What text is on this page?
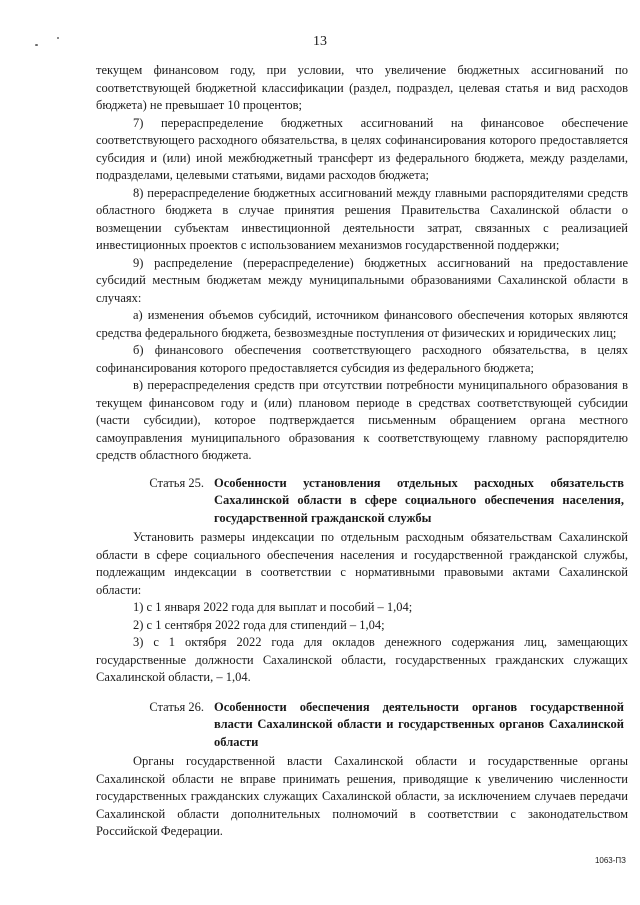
13

текущем финансовом году, при условии, что увеличение бюджетных ассигнований по соответствующей бюджетной классификации (раздел, подраздел, целевая статья и вид расходов бюджета) не превышает 10 процентов;

7) перераспределение бюджетных ассигнований на финансовое обеспечение соответствующего расходного обязательства, в целях софинансирования которого предоставляется субсидия и (или) иной межбюджетный трансферт из федерального бюджета, между разделами, подразделами, целевыми статьями, видами расходов бюджета;

8) перераспределение бюджетных ассигнований между главными распорядителями средств областного бюджета в случае принятия решения Правительства Сахалинской области о возмещении субъектам инвестиционной деятельности затрат, связанных с реализацией инвестиционных проектов с использованием механизмов государственной поддержки;

9) распределение (перераспределение) бюджетных ассигнований на предоставление субсидий местным бюджетам между муниципальными образованиями Сахалинской области в случаях:

а) изменения объемов субсидий, источником финансового обеспечения которых являются средства федерального бюджета, безвозмездные поступления от физических и юридических лиц;

б) финансового обеспечения соответствующего расходного обязательства, в целях софинансирования которого предоставляется субсидия из федерального бюджета;

в) перераспределения средств при отсутствии потребности муниципального образования в текущем финансовом году и (или) плановом периоде в средствах соответствующей субсидии (части субсидии), которое подтверждается письменным обращением органа местного самоуправления муниципального образования к соответствующему главному распорядителю средств областного бюджета.

Статья 25. Особенности установления отдельных расходных обязательств Сахалинской области в сфере социального обеспечения населения, государственной гражданской службы

Установить размеры индексации по отдельным расходным обязательствам Сахалинской области в сфере социального обеспечения населения и государственной гражданской службы, подлежащим индексации в соответствии с нормативными правовыми актами Сахалинской области:

1) с 1 января 2022 года для выплат и пособий – 1,04;

2) с 1 сентября 2022 года для стипендий – 1,04;

3) с 1 октября 2022 года для окладов денежного содержания лиц, замещающих государственные должности Сахалинской области, государственных гражданских служащих Сахалинской области, – 1,04.

Статья 26. Особенности обеспечения деятельности органов государственной власти Сахалинской области и государственных органов Сахалинской области

Органы государственной власти Сахалинской области и государственные органы Сахалинской области не вправе принимать решения, приводящие к увеличению численности государственных гражданских служащих Сахалинской области, за исключением случаев передачи Сахалинской области дополнительных полномочий в соответствии с законодательством Российской Федерации.

1063-ПЗ
